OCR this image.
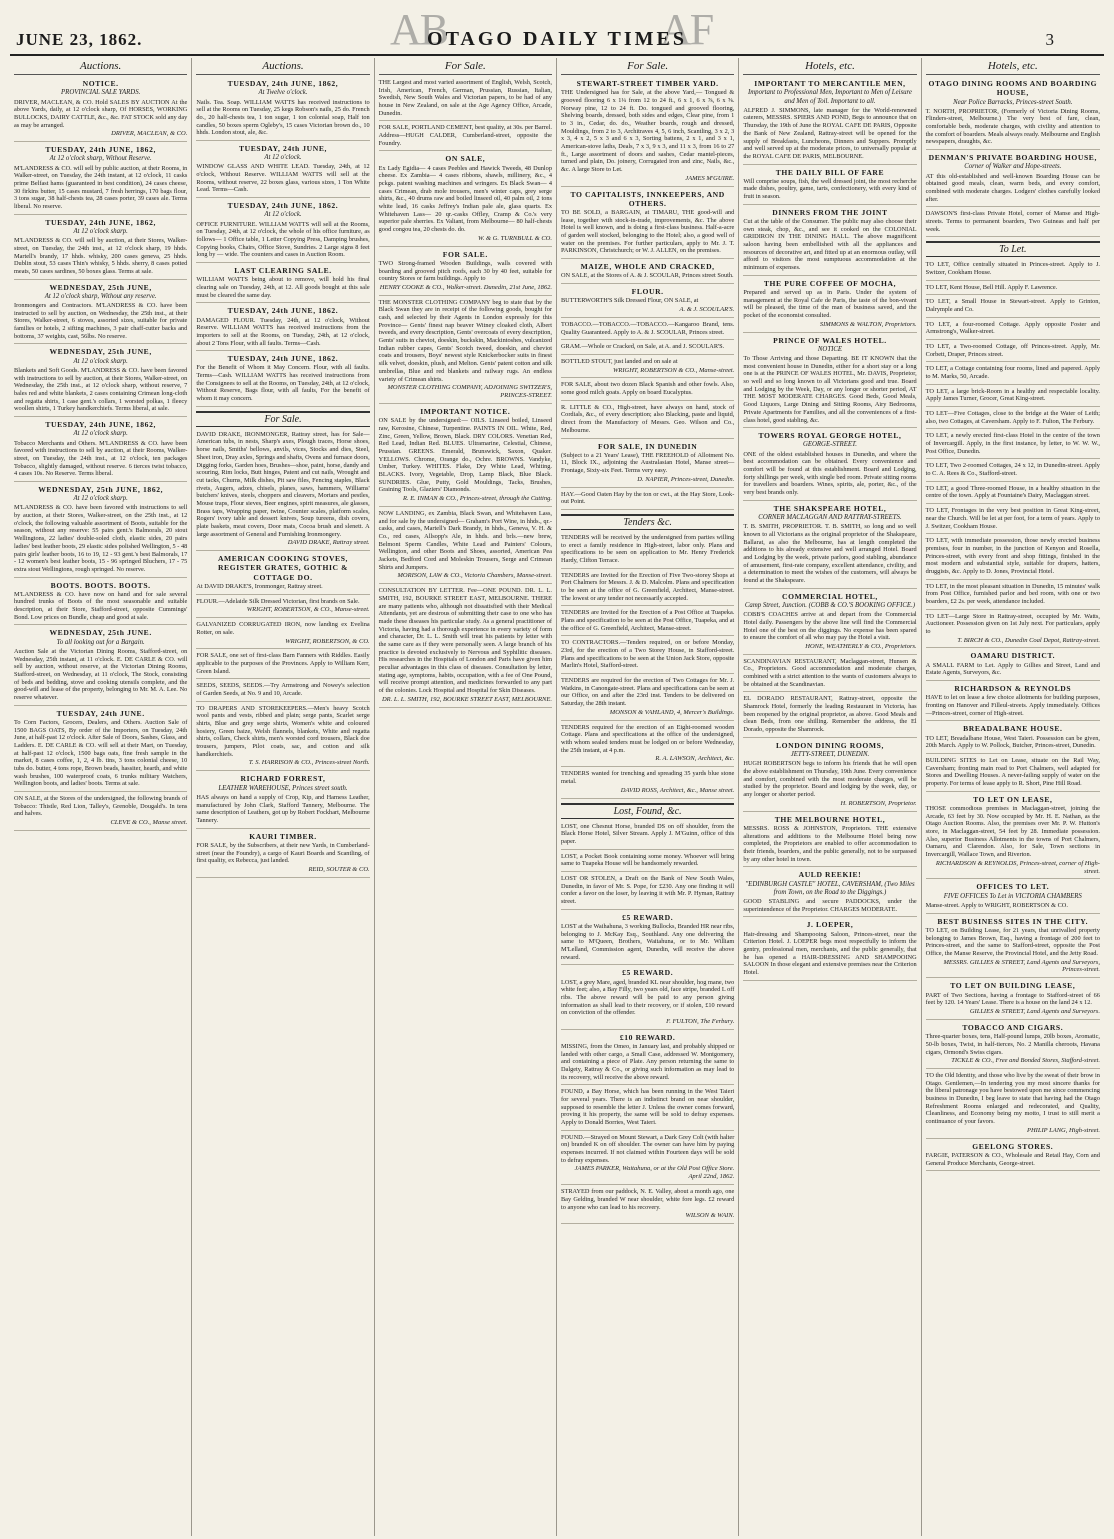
AB	AF
JUNE 23, 1862.	OTAGO DAILY TIMES	3
Auctions.
NOTICE.
PROVINCIAL SALE YARDS.
DRIVER, MACLEAN, & CO. Hold SALES BY AUCTION At the above Yards, daily, at 12 o'clock sharp, Of HORSES, WORKING BULLOCKS, DAIRY CATTLE, &c., &c. FAT STOCK sold any day as may be arranged.
DRIVER, MACLEAN, & CO.
TUESDAY, 24th JUNE, 1862,
At 12 o'clock sharp, Without Reserve.
M'LANDRESS & CO. will sell by public auction, at their Rooms, in Walker-street, on Tuesday, the 24th instant, at 12 o'clock, 11 casks prime Belfast hams (guaranteed in best condition), 24 cases cheese, 30 firkins butter, 15 cases mustard, 7 fresh herrings, 170 bags flour, 3 tons sugar, 38 half-chests tea, 28 cases porter, 39 cases ale. Terms liberal. No reserve.
TUESDAY, 24th JUNE, 1862,
At 12 o'clock sharp.
M'LANDRESS & CO. will sell by auction, at their Stores, Walker-street, on Tuesday, the 24th inst., at 12 o'clock sharp, 19 hhds. Martell's brandy, 17 hhds. whisky, 200 cases geneva, 25 hhds. Dublin stout, 53 cases Thin's whisky, 5 hhds. sherry, 8 cases potted meats, 50 cases sardines, 50 boxes glass. Terms at sale.
WEDNESDAY, 25th JUNE,
At 12 o'clock sharp, Without any reserve.
Ironmongers and Contractors. M'LANDRESS & CO. have been instructed to sell by auction, on Wednesday, the 25th inst., at their Stores, Walker-street, 6 stoves, assorted sizes, suitable for private families or hotels, 2 sifting machines, 3 pair chaff-cutter backs and bottoms, 37 weights, cast, 56lbs. No reserve.
WEDNESDAY, 25th JUNE,
At 12 o'clock sharp.
Blankets and Soft Goods. M'LANDRESS & CO. have been favored with instructions to sell by auction, at their Stores, Walker-street, on Wednesday, the 25th inst., at 12 o'clock sharp, without reserve, 7 bales red and white blankets, 2 cases containing Crimean long-cloth and regatta shirts, 1 case gent.'s collars, 1 worsted polkas, 1 fleecy woollen shirts, 1 Turkey handkerchiefs. Terms liberal, at sale.
TUESDAY, 24th JUNE, 1862,
At 12 o'clock sharp.
Tobacco Merchants and Others. M'LANDRESS & CO. have been favored with instructions to sell by auction, at their Rooms, Walker-street, on Tuesday, the 24th inst., at 12 o'clock, ten packages Tobacco, slightly damaged, without reserve. 6 tierces twist tobacco, 4 cases 10s. No Reserve. Terms liberal.
WEDNESDAY, 25th JUNE, 1862,
At 12 o'clock sharp.
M'LANDRESS & CO. have been favored with instructions to sell by auction, at their Stores, Walker-street, on the 25th inst., at 12 o'clock, the following valuable assortment of Boots, suitable for the season, without any reserve: 55 pairs gent.'s Balmorals, 20 stout Wellingtons, 22 ladies' double-soled cloth, elastic sides, 20 pairs ladies' best leather boots, 29 elastic sides polished Wellington, 5 - 48 pairs girls' leather boots, 16 to 19, 12 - 93 gent.'s best Balmorals, 17 - 12 women's best leather boots, 15 - 96 springed Bluchers, 17 - 75 extra stout Wellingtons, rough springed. No reserve.
BOOTS. BOOTS. BOOTS.
M'LANDRESS & CO. have now on hand and for sale several hundred trunks of Boots of the most seasonable and suitable description, at their Store, Stafford-street, opposite Cummings' Bond. Low prices on Bundle, cheap and good at sale.
WEDNESDAY, 25th JUNE.
To all looking out for a Bargain.
Auction Sale at the Victorian Dining Rooms, Stafford-street, on Wednesday, 25th instant, at 11 o'clock. E. DE CARLE & CO. will sell by auction, without reserve, at the Victorian Dining Rooms, Stafford-street, on Wednesday, at 11 o'clock, The Stock, consisting of beds and bedding, stove and cooking utensils complete, and the good-will and lease of the property, belonging to Mr. M. A. Lee. No reserve whatever.
TUESDAY, 24th JUNE.
To Corn Factors, Grocers, Dealers, and Others. Auction Sale of 1500 BAGS OATS, By order of the Importers, on Tuesday, 24th June, at half-past 12 o'clock. After Sale of Doors, Sashes, Glass, and Ladders. E. DE CARLE & CO. will sell at their Mart, on Tuesday, at half-past 12 o'clock, 1500 bags oats, fine fresh sample in the market, 8 cases coffee, 1, 2, 4 lb. tins, 3 tons colonial cheese, 10 tubs do. butter, 4 tons rope, Brown beads, hassiter, hearth, and white wash brushes, 100 waterproof coats, 6 trunks military Watchers, Wellington boots, and ladies' boots. Terms at sale.
ON SALE, at the Stores of the undersigned, the following brands of Tobacco: Thistle, Red Lion, Talley's, Grenoble, Dougald's. In tens and halves.
CLEVE & CO., Manse street.
Auctions.
TUESDAY, 24th JUNE, 1862,
At Twelve o'clock.
Nails. Tea. Soap. WILLIAM WATTS has received instructions to sell at the Rooms on Tuesday, 25 kegs Robson's nails, 25 do. French do., 20 half-chests tea, 1 ton sugar, 1 ton colonial soap, Half ton candles, 50 boxes sperm Ogleby's, 15 cases Victorian brown do., 10 hhds. London stout, ale, &c.
TUESDAY, 24th JUNE,
At 12 o'clock.
WINDOW GLASS AND WHITE LEAD. Tuesday, 24th, at 12 o'clock, Without Reserve. WILLIAM WATTS will sell at the Rooms, without reserve, 22 boxes glass, various sizes, 1 Ton White Lead. Terms—Cash.
TUESDAY, 24th JUNE, 1862.
At 12 o'clock.
OFFICE FURNITURE. WILLIAM WATTS will sell at the Rooms, on Tuesday, 24th, at 12 o'clock, the whole of his office furniture, as follows— 1 Office table, 1 Letter Copying Press, Damping brushes, Copying books, Chairs, Office Stove, Sundries. 2 Large signs 8 feet long by — wide. The counters and cases in Auction Room.
LAST CLEARING SALE.
WILLIAM WATTS being about to remove, will hold his final clearing sale on Tuesday, 24th, at 12. All goods bought at this sale must be cleared the same day.
TUESDAY, 24th JUNE, 1862.
DAMAGED FLOUR. Tuesday, 24th, at 12 o'clock, Without Reserve. WILLIAM WATTS has received instructions from the importers to sell at the Rooms, on Tuesday, 24th, at 12 o'clock, about 2 Tons Flour, with all faults. Terms—Cash.
TUESDAY, 24th JUNE, 1862.
For the Benefit of Whom it May Concern. Flour, with all faults. Terms—Cash. WILLIAM WATTS has received instructions from the Consignees to sell at the Rooms, on Tuesday, 24th, at 12 o'clock, Without Reserve, Bags flour, with all faults, For the benefit of whom it may concern.
For Sale.
DAVID DRAKE, IRONMONGER, Rattray street, has for Sale— American tubs, in nests, Sharp's axes, Plough traces, Horse shoes, horse nails, Smiths' bellows, anvils, vices, Stocks and dies, Steel, Sheet iron, Dray axles, Springs and shafts, Ovens and furnace doors, Digging forks, Garden hoes, Brushes—shoe, paint, horse, dandy and scouring, Rim locks, Butt hinges, Patent and cut nails, Wrought and cut tacks, Churns, Milk dishes, Pit saw files, Fencing staples, Black rivets, Augers, adzes, chisels, planes, saws, hammers, Williams' butchers' knives, steels, choppers and cleavers, Mortars and pestles, Mouse traps, Flour sieves, Beer engines, spirit measures, ale glasses, Brass taps, Wrapping paper, twine, Counter scales, platform scales, Rogers' ivory table and dessert knives, Soup tureens, dish covers, plate baskets, meat covers, Door mats, Cocoa brush and slenett. A large assortment of General and Furnishing Ironmongery.
DAVID DRAKE, Rattray street.
AMERICAN COOKING STOVES, REGISTER GRATES, GOTHIC & COTTAGE DO.
At DAVID DRAKE'S, Ironmonger, Rattray street.
FLOUR.—Adelaide Silk Dressed Victorian, first brands on Sale.
WRIGHT, ROBERTSON, & CO., Manse-street.
GALVANIZED CORRUGATED IRON, now landing ex Evelina Rotter, on sale.
WRIGHT, ROBERTSON, & CO.
FOR SALE, one set of first-class Barn Fanners with Riddles. Easily applicable to the purposes of the Provinces. Apply to William Kerr, Green Island.
SEEDS, SEEDS, SEEDS.—Try Armstrong and Nowey's selection of Garden Seeds, at No. 9 and 10, Arcade.
TO DRAPERS AND STOREKEEPERS.—Men's heavy Scotch wool pants and vests, ribbed and plain; serge pants, Scarlet serge shirts, Blue and grey serge shirts, Women's white and coloured hosiery, Green baize, Welsh flannels, blankets, White and regatta shirts, collars, Check shirts, men's worsted cord trousers, Black doe trousers, jumpers, Pilot coats, sac, and cotton and silk handkerchiefs.
T. S. HARRISON & CO., Princes-street North.
RICHARD FORREST,
LEATHER WAREHOUSE, Princes street south.
HAS always on hand a supply of Crop, Kip, and Harness Leather, manufactured by John Clark, Stafford Tannery, Melbourne. The same description of Leathers, got up by Robert Fockhart, Melbourne Tannery.
KAURI TIMBER.
FOR SALE, by the Subscribers, at their new Yards, in Cumberland-street (near the Foundry), a cargo of Kauri Boards and Scantling, of first quality, ex Rebecca, just landed.
REID, SOUTER & CO.
For Sale.
THE Largest and most varied assortment of English, Welsh, Scotch, Irish, American, French, German, Prussian, Russian, Italian, Swedish, New South Wales and Victorian papers, to be had of any house in New Zealand, on sale at the Age Agency Office, Arcade, Dunedin.
FOR SALE, PORTLAND CEMENT, best quality, at 30s. per Barrel. Address—HUGH CALDER, Cumberland-street, opposite the Foundry.
ON SALE,
Ex Lady Egidia— 4 cases Peebles and Hawick Tweeds, 48 Dunlop cheese. Ex Zambia— 4 cases ribbons, shawls, millinery, &c., 4 pckgs. patent washing machines and wringers. Ex Black Swan— 4 cases Crimean, drab mole trousers, men's winter caps, grey serge shirts, &c., 40 drums raw and boiled linseed oil, 40 palm oil, 2 tons white lead, 16 casks Jeffrey's Indian pale ale, glass quarts. Ex Whitehaven Lass— 20 qr.-casks Offley, Cramp & Co.'s very superior pale sherries. Ex Valiant, from Melbourne— 80 half-chests good congou tea, 20 chests do. do.
W. & G. TURNBULL & CO.
FOR SALE.
TWO Strong-framed Wooden Buildings, walls covered with boarding and grooved pitch roofs, each 30 by 40 feet, suitable for country Stores or farm buildings. Apply to
HENRY COOKE & CO., Walker-street. Dunedin, 21st June, 1862.
THE MONSTER CLOTHING COMPANY beg to state that by the Black Swan they are in receipt of the following goods, bought for cash, and selected by their Agents in London expressly for this Province— Gents' finest nap beaver Witney cloaked cloth, Albert tweeds, and every description, Gents' overcoats of every description, Gents' suits in cheviot, doeskin, buckskin, Mackintoshes, vulcanized Indian rubber capes, Gents' Scotch tweed, doeskin, and cheviot coats and trousers, Boys' newest style Knickerbocker suits in finest silk velvet, doeskin, plush, and Melton. Gents' patent cotton and silk umbrellas, Blue and red blankets and railway rugs. An endless variety of Crimean shirts.
MONSTER CLOTHING COMPANY, ADJOINING SWITZER'S, PRINCES-STREET.
IMPORTANT NOTICE.
ON SALE by the undersigned:— OILS. Linseed boiled, Linseed raw, Kerosine, Chinese, Turpentine. PAINTS IN OIL. White, Red, Zinc, Green, Yellow, Brown, Black. DRY COLORS. Venetian Red, Red Lead, Indian Red. BLUES. Ultramarine, Celestial, Chinese, Prussian. GREENS. Emerald, Brunswick, Saxon, Quaker. YELLOWS. Chrome, Orange do., Ochre. BROWNS. Vandyke, Umber, Turkey. WHITES. Flake, Dry White Lead, Whiting. BLACKS. Ivory, Vegetable, Drop, Lamp Black, Blue Black. SUNDRIES. Glue, Putty, Gold Mouldings, Tacks, Brushes, Graining Tools, Glaziers' Diamonds.
R. E. INMAN & CO., Princes-street, through the Cutting.
NOW LANDING, ex Zambia, Black Swan, and Whitehaven Lass, and for sale by the undersigned— Graham's Port Wine, in hhds., qr.-casks, and cases, Martell's Dark Brandy, in hhds., Geneva, V. H. & Co., red cases, Allsopp's Ale, in hhds. and brls.—new brew, Belmont Sperm Candles, White Lead and Painters' Colours, Wellington, and other Boots and Shoes, assorted, American Pea Jackets, Bedford Cord and Moleskin Trousers, Serge and Crimean Shirts and Jumpers.
MORISON, LAW & CO., Victoria Chambers, Manse-street.
CONSULTATION BY LETTER. Fee—ONE POUND. DR. L. L. SMITH, 192, BOURKE STREET EAST, MELBOURNE. THERE are many patients who, although not dissatisfied with their Medical Attendants, yet are desirous of submitting their case to one who has made these diseases his particular study. As a general practitioner of Victoria, having had a thorough experience in every variety of form and character, Dr. L. L. Smith will treat his patients by letter with the same care as if they were personally seen. A large branch of his practice is devoted exclusively to Nervous and Syphilitic diseases. His researches in the Hospitals of London and Paris have given him peculiar advantages in this class of diseases. Consultation by letter, stating age, symptoms, habits, occupation, with a fee of One Pound, will receive prompt attention, and medicines forwarded to any part of the colonies. Lock Hospital and Hospital for Skin Diseases.
DR. L. L. SMITH, 192, BOURKE STREET EAST, MELBOURNE.
For Sale.
STEWART-STREET TIMBER YARD.
THE Undersigned has for Sale, at the above Yard,— Tongued & grooved flooring 6 x 1¼ from 12 to 24 ft., 6 x 1, 6 x ⅞, 6 x ⅝. Norway pine, 12 to 24 ft. Do. tongued and grooved flooring, Shelving boards, dressed, both sides and edges, Clear pine, from 1 to 3 in., Cedar, do. do., Weather boards, rough and dressed, Mouldings, from 2 to 3, Architraves 4, 5, 6 inch, Scantling, 3 x 2, 3 x 3, 4 x 2, 5 x 3 and 6 x 3, Sorting battens, 2 x 1, and 3 x 1, American-stove laths, Deals, 7 x 3, 9 x 3, and 11 x 3, from 16 to 27 ft., Large assortment of doors and sashes, Cedar mantel-pieces, turned and plain, Do. joinery, Corrugated iron and zinc, Nails, &c., &c. A large Store to Let.
JAMES M'GUIRE.
TO CAPITALISTS, INNKEEPERS, AND OTHERS.
TO BE SOLD, a BARGAIN, at TIMARU, THE good-will and lease, together with stock-in-trade, improvements, &c. The above Hotel is well known, and is doing a first-class business. Half-a-acre of garden well stocked, belonging to the Hotel; also, a good well of water on the premises. For further particulars, apply to Mr. J. T. PARKINSON, Christchurch; or W. J. ALLEN, on the premises.
MAIZE, WHOLE AND CRACKED,
ON SALE, at the Stores of A. & J. SCOULAR, Princes street South.
FLOUR.
BUTTERWORTH'S Silk Dressed Flour, ON SALE, at
A. & J. SCOULAR'S.
TOBACCO.—TOBACCO.—TOBACCO.—Kangaroo Brand, tens. Quality Guaranteed. Apply to A. & J. SCOULAR, Princes street.
GRAM.—Whole or Cracked, on Sale, at A. and J. SCOULAR'S.
BOTTLED STOUT, just landed and on sale at
WRIGHT, ROBERTSON & CO., Manse-street.
FOR SALE, about two dozen Black Spanish and other fowls. Also, some good milch goats. Apply on board Eucalyptus.
R. LITTLE & CO., High-street, have always on hand, stock of Cordials, &c., of every description; also Blacking, paste and liquid, direct from the Manufactory of Messrs. Geo. Wilson and Co., Melbourne.
FOR SALE, IN DUNEDIN
(Subject to a 21 Years' Lease), THE FREEHOLD of Allotment No. 11, Block IX., adjoining the Australasian Hotel, Manse street—Frontage, Sixty-six Feet. Terms very easy.
D. NAPIER, Princes-street, Dunedin.
HAY.—Good Oaten Hay by the ton or cwt., at the Hay Store, Look-out Point.
Tenders &c.
TENDERS will be received by the undersigned from parties willing to erect a family residence in High-street, labor only. Plans and specifications to be seen on application to Mr. Henry Frederick Hardy, Clifton Terrace.
TENDERS are Invited for the Erection of Five Two-storey Shops at Port Chalmers for Messrs. J. & D. Malcolm. Plans and specification to be seen at the office of G. Greenfield, Architect, Manse-street. The lowest or any tender not necessarily accepted.
TENDERS are Invited for the Erection of a Post Office at Tuapeka. Plans and specification to be seen at the Post Office, Tuapeka, and at the office of G. Greenfield, Architect, Manse-street.
TO CONTRACTORS.—Tenders required, on or before Monday, 23rd, for the erection of a Two Storey House, in Stafford-street. Plans and specifications to be seen at the Union Jack Store, opposite Marlin's Hotel, Stafford-street.
TENDERS are required for the erection of Two Cottages for Mr. J. Watkins, in Canongate-street. Plans and specifications can be seen at our Office, on and after the 23rd inst. Tenders to be delivered on Saturday, the 28th instant.
MONSON & VAHLAND, 4, Mercer's Buildings.
TENDERS required for the erection of an Eight-roomed wooden Cottage. Plans and specifications at the office of the undersigned, with whom sealed tenders must be lodged on or before Wednesday, the 25th instant, at 4 p.m.
R. A. LAWSON, Architect, &c.
TENDERS wanted for trenching and spreading 35 yards blue stone metal.
DAVID ROSS, Architect, &c., Manse street.
Lost, Found, &c.
LOST, one Chesnut Horse, branded DS on off shoulder, from the Black Horse Hotel, Silver Stream. Apply J. M'Guinn, office of this paper.
LOST, a Pocket Book containing some money. Whoever will bring same to Tuapeka House will be handsomely rewarded.
LOST OR STOLEN, a Draft on the Bank of New South Wales, Dunedin, in favor of Mr. S. Pope, for £230. Any one finding it will confer a favor on the loser, by leaving it with Mr. P. Hyman, Rattray street.
£5 REWARD.
LOST at the Waihahuna, 3 working Bullocks, Branded HR near ribs, belonging to J. McKay Esq., Southland. Any one delivering the same to M'Queen, Brothers, Waitahuna, or to Mr. William M'Lelland, Commission agent, Dunedin, will receive the above reward.
£5 REWARD.
LOST, a grey Mare, aged, branded KL near shoulder, hog mane, two white feet; also, a Bay Filly, two years old, face stripe, branded L off ribs. The above reward will be paid to any person giving information as shall lead to their recovery, or if stolen, £10 reward on conviction of the offender.
F. FULTON, The Ferbury.
£10 REWARD.
MISSING, from the Omeo, in January last, and probably shipped or landed with other cargo, a Small Case, addressed W. Montgomery, and containing a piece of Plate. Any person returning the same to Dalgety, Rattray & Co., or giving such information as may lead to its recovery, will receive the above reward.
FOUND, a Bay Horse, which has been running in the West Taieri for several years. There is an indistinct brand on near shoulder, supposed to resemble the letter J. Unless the owner comes forward, proving it his property, the same will be sold to defray expenses. Apply to Donald Borries, West Taieri.
FOUND.—Strayed on Mount Stewart, a Dark Grey Colt (with halter on) branded K on off shoulder. The owner can have him by paying expenses incurred. If not claimed within Fourteen days will be sold to defray expenses.
JAMES PARKER, Waitahuna, or at the Old Post Office Store. April 22nd, 1862.
STRAYED from our paddock, N. E. Valley, about a month ago, one Bay Gelding, branded W near shoulder, white fore legs. £2 reward to anyone who can lead to his recovery.
WILSON & WAIN.
Hotels, etc.
IMPORTANT TO MERCANTILE MEN,
Important to Professional Men, Important to Men of Leisure and Men of Toil. Important to all.
ALFRED J. SIMMONS, late manager for the World-renowned caterers, MESSRS. SPIERS AND POND, Begs to announce that on Thursday, the 19th of June the ROYAL CAFE DE PARIS, Opposite the Bank of New Zealand, Rattray-street will be opened for the supply of Breakfasts, Luncheons, Dinners and Suppers. Promptly and well served up at the moderate prices, to universally popular at the ROYAL CAFE DE PARIS, MELBOURNE.
THE DAILY BILL OF FARE
Will comprise soups, fish, the well dressed joint, the most recherche made dishes, poultry, game, tarts, confectionery, with every kind of fruit in season.
DINNERS FROM THE JOINT
Cut at the table of the Consumer. The public may also choose their own steak, chop, &c., and see it cooked on the COLONIAL GRIDIRON IN THE DINING HALL. The above magnificent saloon having been embellished with all the appliances and resources of decorative art, and fitted up at an enormous outlay, will afford to visitors the most sumptuous accommodation at the minimum of expenses.
THE PURE COFFEE OF MOCHA,
Prepared and served up as in Paris. Under the system of management at the Royal Cafe de Paris, the taste of the bon-vivant will be pleased, the time of the man of business saved, and the pocket of the economist consulted.
SIMMONS & WALTON, Proprietors.
PRINCE OF WALES HOTEL.
NOTICE
To Those Arriving and those Departing. BE IT KNOWN that the most convenient house in Dunedin, either for a short stay or a long one is at the PRINCE OF WALES HOTEL, Mr. DAVIS, Proprietor, so well and so long known to all Victorians good and true. Board and Lodging by the Week, Day, or any longer or shorter period, AT THE MOST MODERATE CHARGES. Good Beds, Good Meals, Good Liquors, Large Dining and Sitting Rooms, Airy Bedrooms, Private Apartments for Families, and all the conveniences of a first-class hotel, good stabling, &c.
TOWERS ROYAL GEORGE HOTEL,
GEORGE-STREET.
ONE of the oldest established houses in Dunedin, and where the best accommodation can be obtained. Every convenience and comfort will be found at this establishment. Board and Lodging, forty shillings per week, with single bed room. Private sitting rooms for travellers and boarders. Wines, spirits, ale, porter, &c., of the very best brands only.
THE SHAKSPEARE HOTEL,
CORNER MACLAGGAN AND RATTRAY-STREETS.
T. B. SMITH, PROPRIETOR. T. B. SMITH, so long and so well known to all Victorians as the original proprietor of the Shakspeare, Ballarat, as also the Melbourne, has at length completed the additions to his already extensive and well arranged Hotel. Board and Lodging by the week, private parlors, good stabling, abundance of amusement, first-rate company, excellent attendance, civility, and a determination to meet the wishes of the customers, will always be found at the Shakspeare.
COMMERCIAL HOTEL,
Camp Street, Junction. (COBB & CO.'S BOOKING OFFICE.)
COBB'S COACHES arrive at and depart from the Commercial Hotel daily. Passengers by the above line will find the Commercial Hotel one of the best on the diggings. No expense has been spared to ensure the comfort of all who may pay the Hotel a visit.
HONE, WEATHERLY & CO., Proprietors.
SCANDINAVIAN RESTAURANT, Maclaggan-street, Hunsen & Co., Proprietors. Good accommodation and moderate charges, combined with a strict attention to the wants of customers always to be obtained at the Scandinavian.
EL DORADO RESTAURANT, Rattray-street, opposite the Shamrock Hotel, formerly the leading Restaurant in Victoria, has been reopened by the original proprietor, as above. Good Meals and clean Beds, from one shilling. Remember the address, the El Dorado, opposite the Shamrock.
LONDON DINING ROOMS,
JETTY-STREET, DUNEDIN.
HUGH ROBERTSON begs to inform his friends that he will open the above establishment on Thursday, 19th June. Every convenience and comfort, combined with the most moderate charges, will be studied by the proprietor. Board and lodging by the week, day, or any longer or shorter period.
H. ROBERTSON, Proprietor.
THE MELBOURNE HOTEL,
MESSRS. ROSS & JOHNSTON, Proprietors. THE extensive alterations and additions to the Melbourne Hotel being now completed, the Proprietors are enabled to offer accommodation to their friends, boarders, and the public generally, not to be surpassed by any other hotel in town.
AULD REEKIE!
"EDINBURGH CASTLE" HOTEL, CAVERSHAM, (Two Miles from Town, on the Road to the Diggings.)
GOOD STABLING and secure PADDOCKS, under the superintendence of the Proprietor. CHARGES MODERATE.
J. LOEPER,
Hair-dressing and Shampooing Saloon, Princes-street, near the Criterion Hotel. J. LOEPER begs most respectfully to inform the gentry, professional men, merchants, and the public generally, that he has opened a HAIR-DRESSING AND SHAMPOOING SALOON In those elegant and extensive premises near the Criterion Hotel.
Hotels, etc.
OTAGO DINING ROOMS AND BOARDING HOUSE,
Near Police Barracks, Princes-street South.
T. NORTH, PROPRIETOR, (Formerly of Victoria Dining Rooms, Flinders-street, Melbourne.) The very best of fare, clean, comfortable beds, moderate charges, with civility and attention to the comfort of boarders. Meals always ready. Melbourne and English newspapers, draughts, &c.
DENMAN'S PRIVATE BOARDING HOUSE,
Corner of Walker and Hope-streets.
AT this old-established and well-known Boarding House can be obtained good meals, clean, warm beds, and every comfort, combined with moderate charges. Lodgers' clothes carefully looked after.
DAWSON'S first-class Private Hotel, corner of Manse and High-streets. Terms to permanent boarders, Two Guineas and half per week.
To Let.
TO LET, Office centrally situated in Princes-street. Apply to J. Switzer, Cookham House.
TO LET, Kent House, Bell Hill. Apply F. Lawrence.
TO LET, a Small House in Stewart-street. Apply to Grinton, Dalrymple and Co.
TO LET, a four-roomed Cottage. Apply opposite Foster and Armstrong's, Walker-street.
TO LET, a Two-roomed Cottage, off Princes-street. Apply, Mr. Corbett, Draper, Princes street.
TO LET, a Cottage containing four rooms, lined and papered. Apply to M. Marks, 50, Arcade.
TO LET, a large brick-Room in a healthy and respectable locality. Apply James Turner, Grocer, Great King-street.
TO LET—Five Cottages, close to the bridge at the Water of Leith; also, two Cottages, at Caversham. Apply to F. Fulton, The Ferbury.
TO LET, a newly erected first-class Hotel in the centre of the town of Invercargill. Apply, in the first instance, by letter, to W. W. W., Post Office, Dunedin.
TO LET, Two 2-roomed Cottages, 24 x 12, in Dunedin-street. Apply to C. A. Rees & Co., Stafford-street.
TO LET, a good Three-roomed House, in a healthy situation in the centre of the town. Apply at Fountaine's Dairy, Maclaggan street.
TO LET, Frontages in the very best position in Great King-street, near the Church. Will be let at per foot, for a term of years. Apply to J. Switzer, Cookham House.
TO LET, with immediate possession, those newly erected business premises, four in number, in the junction of Kenyon and Rosella, Princes-street, with every front and shop fittings, finished in the most modern and substantial style, suitable for drapers, hatters, druggists, &c. Apply to D. Jones, Provincial Hotel.
TO LET, in the most pleasant situation in Dunedin, 15 minutes' walk from Post Office, furnished parlor and bed room, with one or two boarders, £2 2s. per week, attendance included.
TO LET—Large Store in Rattray-street, occupied by Mr. Watts, Auctioneer. Possession given on 1st July next. For particulars, apply to
T. BIRCH & CO., Dunedin Coal Depot, Rattray-street.
OAMARU DISTRICT.
A SMALL FARM to Let. Apply to Gillies and Street, Land and Estate Agents, Surveyors, &c.
RICHARDSON & REYNOLDS
HAVE to let on lease a few choice allotments for building purposes, fronting on Hanover and Filleul-streets. Apply immediately. Offices—Princes-street, corner of High-street.
BREADALBANE HOUSE.
TO LET, Breadalbane House, West Taieri. Possession can be given, 20th March. Apply to W. Pollock, Butcher, Princes-street, Dunedin.
BUILDING SITES to Let on Lease, situate on the Rail Way, Caversham; fronting main road to Port Chalmers, well adapted for Stores and Dwelling Houses. A never-failing supply of water on the property. For terms of lease apply to R. Short, Pine Hill Road.
TO LET ON LEASE,
THOSE commodious premises in Maclaggan-street, joining the Arcade, 63 feet by 30. Now occupied by Mr. H. E. Nathan, as the Otago Auction Rooms. Also, the premises over Mr. P. W. Hutton's store, in Maclaggan-street, 54 feet by 28. Immediate possession. Also, superior Business Allotments in the towns of Port Chalmers, Oamaru, and Clarendon. Also, for Sale, Town sections in Invercargill, Wallace Town, and Riverton.
RICHARDSON & REYNOLDS, Princes-street, corner of High-street.
OFFICES TO LET.
FIVE OFFICES To Let in VICTORIA CHAMBERS
Manse-street. Apply to WRIGHT, ROBERTSON & CO.
BEST BUSINESS SITES IN THE CITY.
TO LET, on Building Lease, for 21 years, that unrivalled property belonging to James Brown, Esq., having a frontage of 200 feet to Princes-street, and the same to Stafford-street, opposite the Post Office, the Manse Reserve, the Provincial Hotel, and the Jetty Road.
MESSRS. GILLIES & STREET, Land Agents and Surveyors, Princes-street.
TO LET ON BUILDING LEASE,
PART of Two Sections, having a frontage to Stafford-street of 66 feet by 120. 14 Years' Lease. There is a house on the land 24 x 12.
GILLIES & STREET, Land Agents and Surveyors.
TOBACCO AND CIGARS.
Three-quarter boxes, tens, Half-pound lumps, 20lb boxes, Aromatic, 50-lb boxes, Twist, in half-tierces, No. 2 Manilla cheroots, Havana cigars, Ormond's Swiss cigars.
TICKLE & CO., Free and Bonded Stores, Stafford-street.
TO the Old Identity, and those who live by the sweat of their brow in Otago. Gentlemen,—In tendering you my most sincere thanks for the liberal patronage you have bestowed upon me since commencing business in Dunedin, I beg leave to state that having had the Otago Refreshment Rooms enlarged and redecorated, and Quality, Cleanliness, and Economy being my motto, I trust to still merit a continuance of your favors.
PHILIP LANG, High-street.
GEELONG STORES.
FARGIE, PATERSON & CO., Wholesale and Retail Hay, Corn and General Produce Merchants, George-street.
